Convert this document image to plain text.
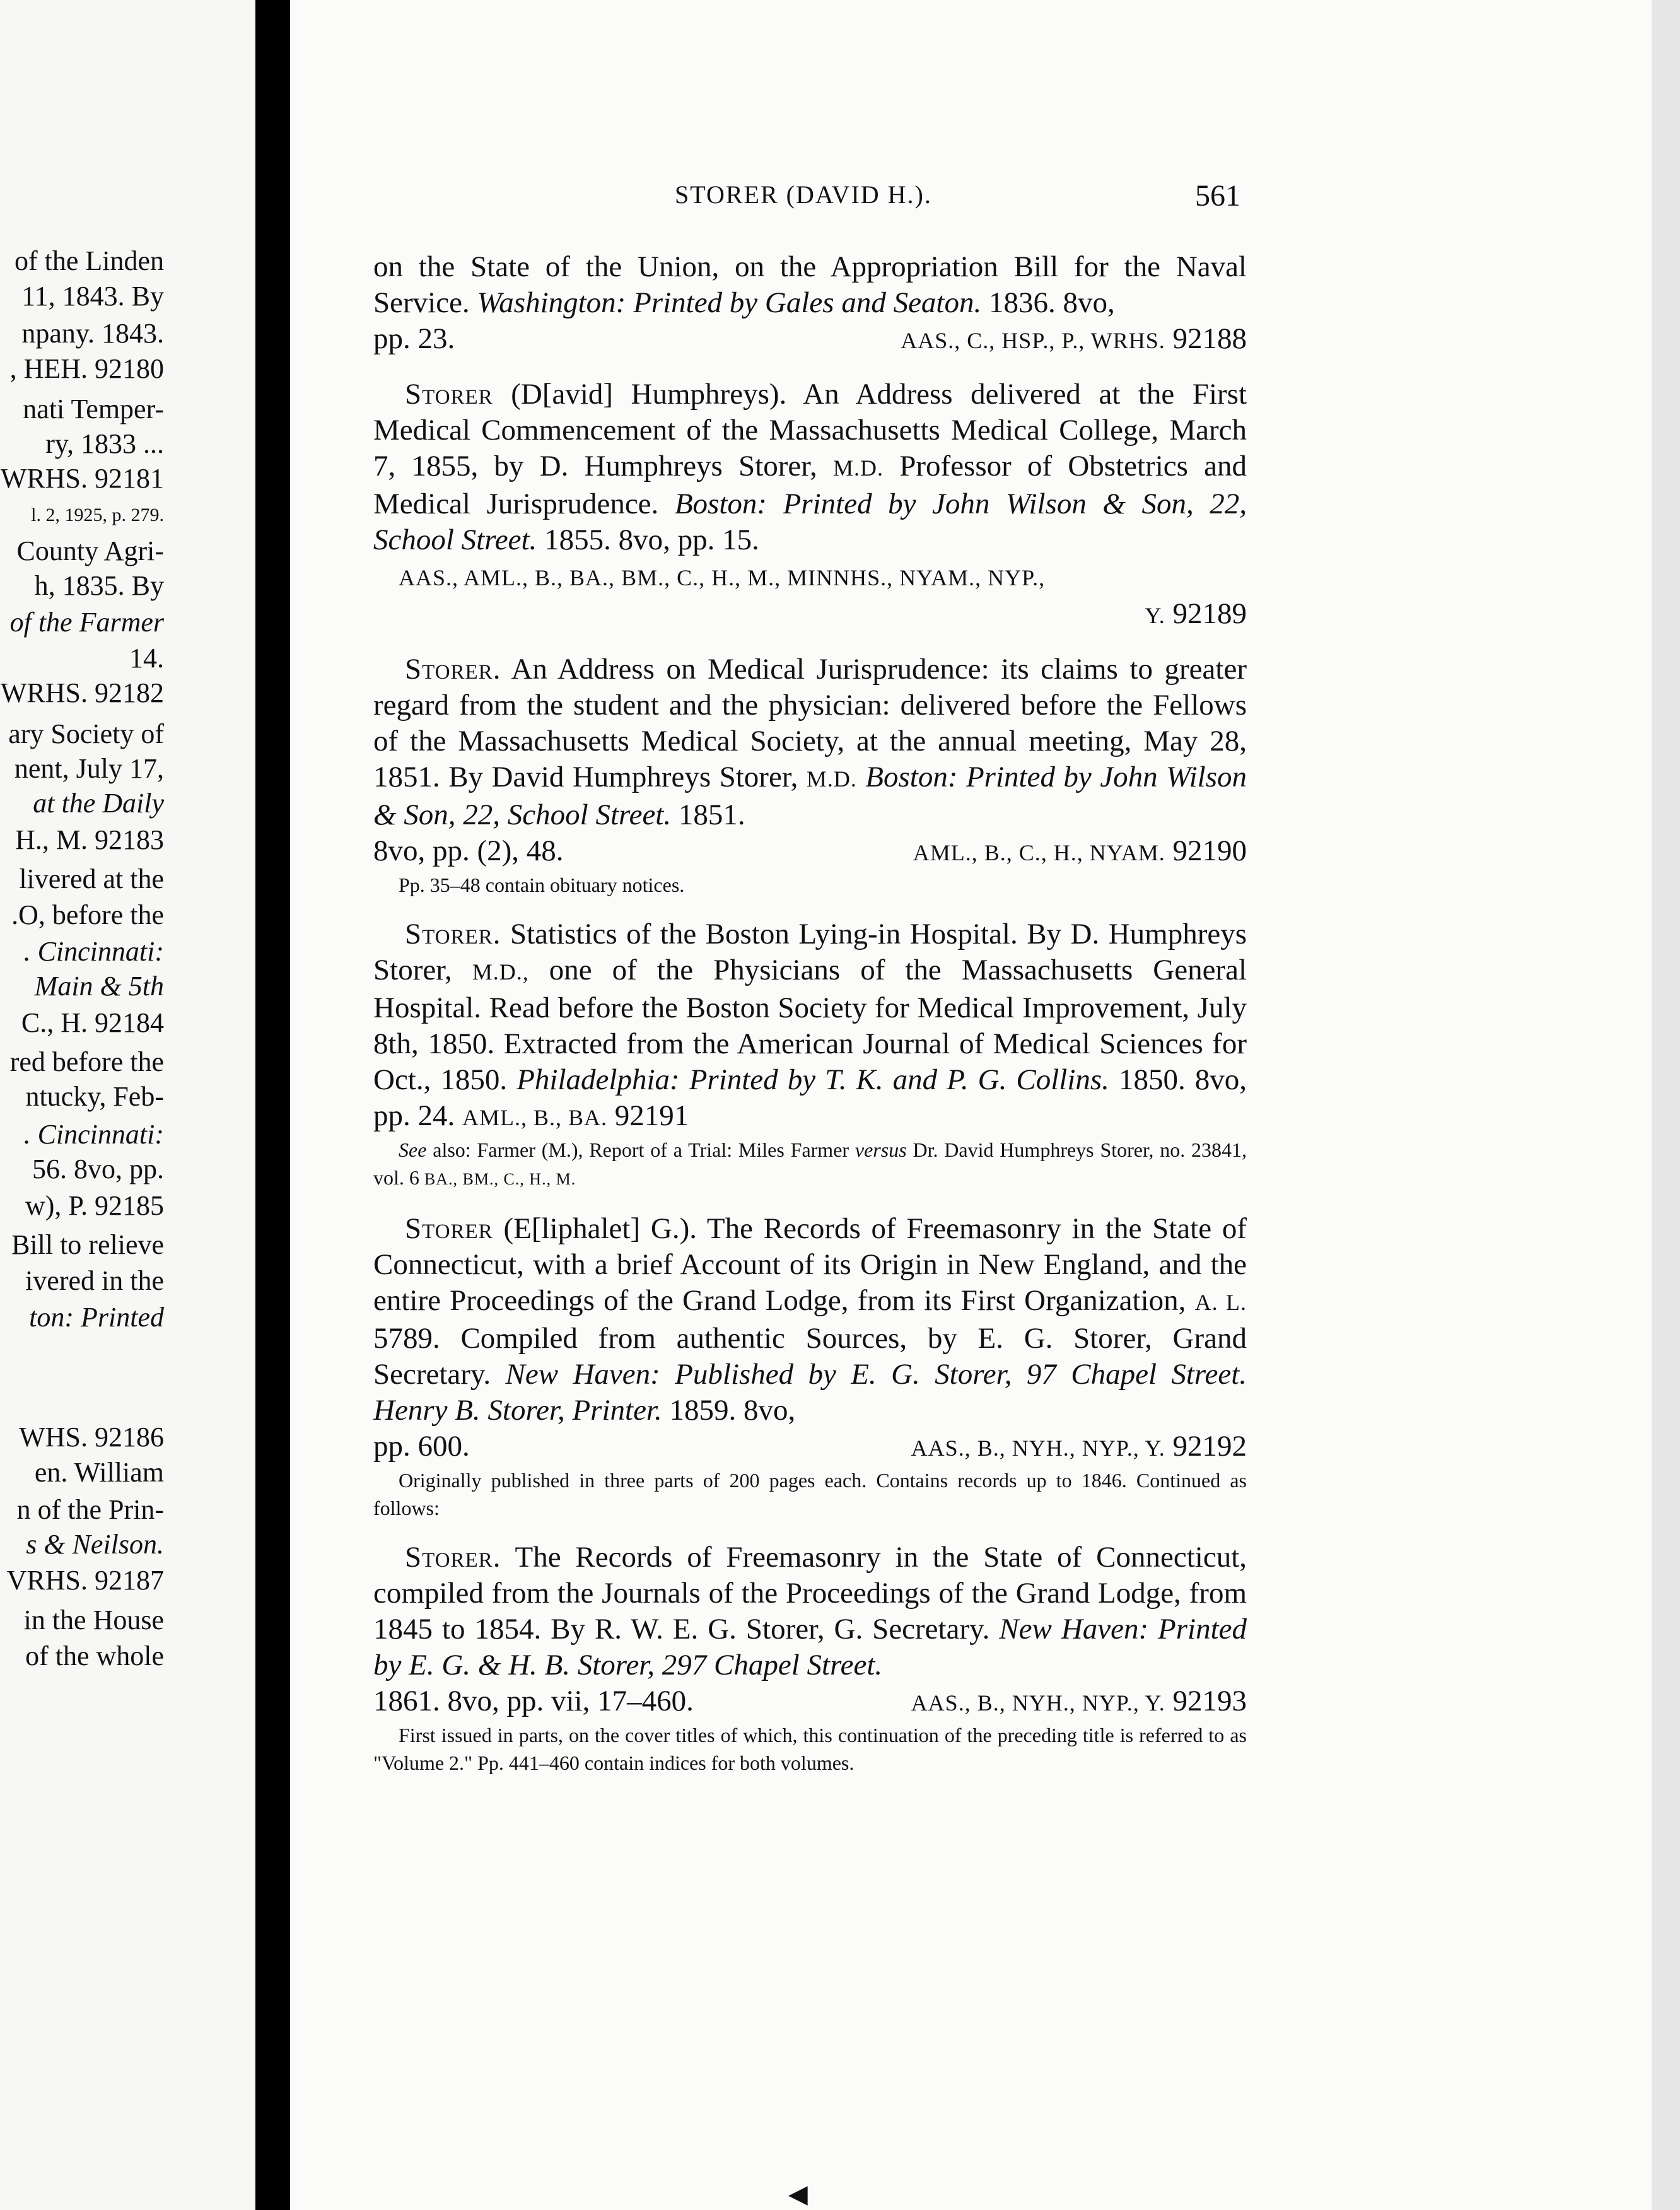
of the Linden
11, 1843. By
npany. 1843.
, HEH. 92180
nati Temper-
ry, 1833 ...
WRHS. 92181
l. 2, 1925, p. 279.
County Agri-
h, 1835. By
of the Farmer
14.
WRHS. 92182
ary Society of
nent, July 17,
at the Daily
H., M. 92183
livered at the
.O, before the
. Cincinnati:
Main & 5th
C., H. 92184
red before the
ntucky, Feb-
. Cincinnati:
56. 8vo, pp.
w), P. 92185
Bill to relieve
ivered in the
ton: Printed
WHS. 92186
en. William
n of the Prin-
s & Neilson.
VRHS. 92187
in the House
of the whole
STORER (DAVID H.).	561

on the State of the Union, on the Appropriation Bill for the Naval Service. Washington: Printed by Gales and Seaton. 1836. 8vo,

pp. 23.	AAS., C., HSP., P., WRHS. 92188

Storer (D[avid] Humphreys). An Address delivered at the First Medical Commencement of the Massachusetts Medical College, March 7, 1855, by D. Humphreys Storer, M.D. Professor of Obstetrics and Medical Jurisprudence. Boston: Printed by John Wilson & Son, 22, School Street. 1855. 8vo, pp. 15.

AAS., AML., B., BA., BM., C., H., M., MINNHS., NYAM., NYP.,

Y. 92189

Storer. An Address on Medical Jurisprudence: its claims to greater regard from the student and the physician: delivered before the Fellows of the Massachusetts Medical Society, at the annual meeting, May 28, 1851. By David Humphreys Storer, M.D. Boston: Printed by John Wilson & Son, 22, School Street. 1851.

8vo, pp. (2), 48.	AML., B., C., H., NYAM. 92190

Pp. 35–48 contain obituary notices.

Storer. Statistics of the Boston Lying-in Hospital. By D. Humphreys Storer, M.D., one of the Physicians of the Massachusetts General Hospital. Read before the Boston Society for Medical Improvement, July 8th, 1850. Extracted from the American Journal of Medical Sciences for Oct., 1850. Philadelphia: Printed by T. K. and P. G. Collins. 1850. 8vo, pp. 24. AML., B., BA. 92191

See also: Farmer (M.), Report of a Trial: Miles Farmer versus Dr. David Humphreys Storer, no. 23841, vol. 6 BA., BM., C., H., M.

Storer (E[liphalet] G.). The Records of Freemasonry in the State of Connecticut, with a brief Account of its Origin in New England, and the entire Proceedings of the Grand Lodge, from its First Organization, A. L. 5789. Compiled from authentic Sources, by E. G. Storer, Grand Secretary. New Haven: Published by E. G. Storer, 97 Chapel Street. Henry B. Storer, Printer. 1859. 8vo,

pp. 600.	AAS., B., NYH., NYP., Y. 92192

Originally published in three parts of 200 pages each. Contains records up to 1846. Continued as follows:

Storer. The Records of Freemasonry in the State of Connecticut, compiled from the Journals of the Proceedings of the Grand Lodge, from 1845 to 1854. By R. W. E. G. Storer, G. Secretary. New Haven: Printed by E. G. & H. B. Storer, 297 Chapel Street.

1861. 8vo, pp. vii, 17–460.	AAS., B., NYH., NYP., Y. 92193

First issued in parts, on the cover titles of which, this continuation of the preceding title is referred to as "Volume 2." Pp. 441–460 contain indices for both volumes.

◀
